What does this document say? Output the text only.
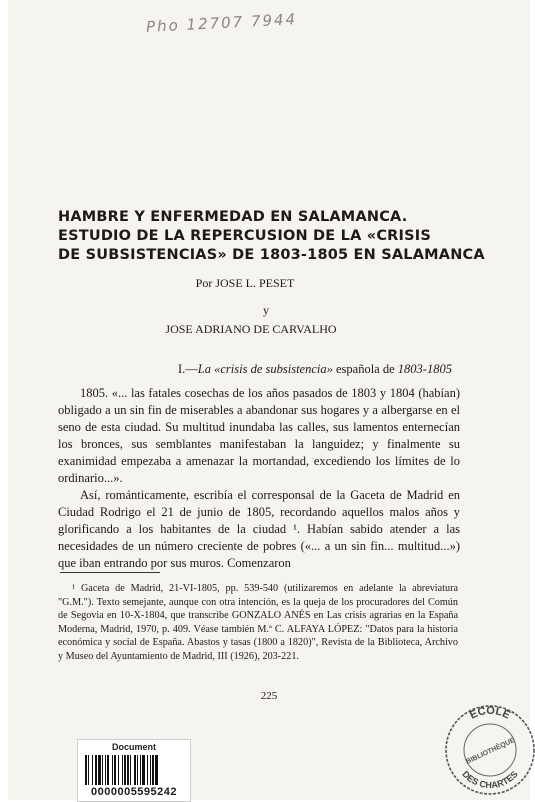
Pho 12707 7944
HAMBRE Y ENFERMEDAD EN SALAMANCA.
ESTUDIO DE LA REPERCUSION DE LA «CRISIS
DE SUBSISTENCIAS» DE 1803-1805 EN SALAMANCA
Por JOSE L. PESET
y
JOSE ADRIANO DE CARVALHO
I.—La «crisis de subsistencia» española de 1803-1805

1805. «... las fatales cosechas de los años pasados de 1803 y 1804 (habían) obligado a un sin fin de miserables a abandonar sus hogares y a albergarse en el seno de esta ciudad. Su multitud inundaba las calles, sus lamentos enternecían los bronces, sus semblantes manifestaban la languidez; y finalmente su exanimidad empezaba a amenazar la mortandad, excediendo los límites de lo ordinario...».

Así, románticamente, escribía el corresponsal de la Gaceta de Madrid en Ciudad Rodrigo el 21 de junio de 1805, recordando aquellos malos años y glorificando a los habitantes de la ciudad ¹. Habían sabido atender a las necesidades de un número creciente de pobres («... a un sin fin... multitud...») que iban entrando por sus muros. Comenzaron

¹ Gaceta de Madrid, 21-VI-1805, pp. 539-540 (utilizaremos en adelante la abreviatura "G.M."). Texto semejante, aunque con otra intención, es la queja de los procuradores del Común de Segovia en 10-X-1804, que transcribe GONZALO ANÉS en Las crisis agrarias en la España Moderna, Madrid, 1970, p. 409. Véase también M.ª C. ALFAYA LÓPEZ: "Datos para la historia económica y social de España. Abastos y tasas (1800 a 1820)", Revista de la Biblioteca, Archivo y Museo del Ayuntamiento de Madrid, III (1926), 203-221.
225
Document
0000005595242
ECOLE
BIBLIOTHÈQUE
DES CHARTES
